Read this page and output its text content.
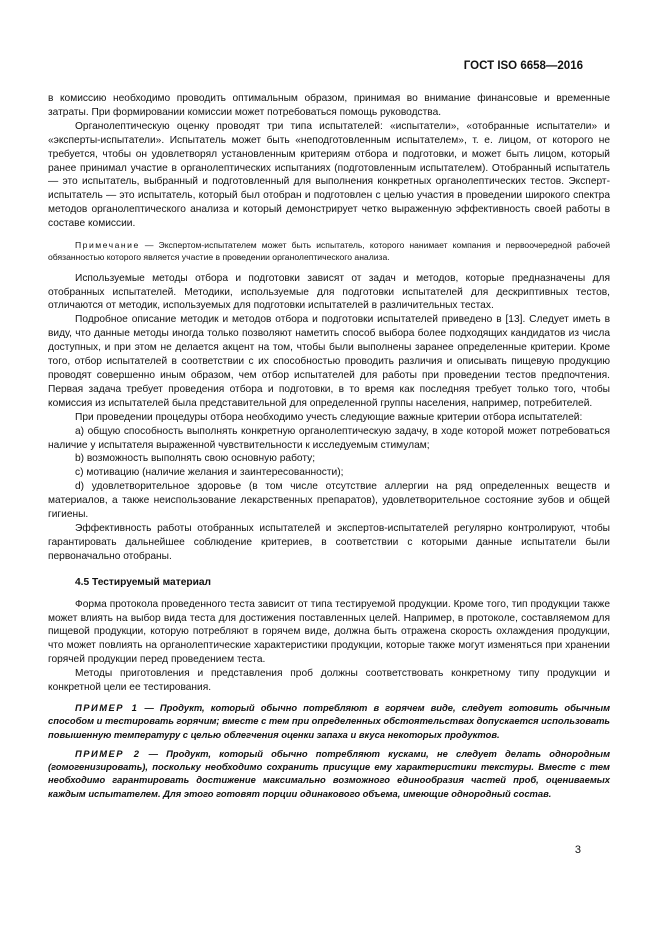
ГОСТ ISO 6658—2016

в комиссию необходимо проводить оптимальным образом, принимая во внимание финансовые и временные затраты. При формировании комиссии может потребоваться помощь руководства.

Органолептическую оценку проводят три типа испытателей: «испытатели», «отобранные испытатели» и «эксперты-испытатели». Испытатель может быть «неподготовленным испытателем», т. е. лицом, от которого не требуется, чтобы он удовлетворял установленным критериям отбора и подготовки, и может быть лицом, который ранее принимал участие в органолептических испытаниях (подготовленным испытателем). Отобранный испытатель — это испытатель, выбранный и подготовленный для выполнения конкретных органолептических тестов. Эксперт-испытатель — это испытатель, который был отобран и подготовлен с целью участия в проведении широкого спектра методов органолептического анализа и который демонстрирует четко выраженную эффективность своей работы в составе комиссии.

Примечание — Экспертом-испытателем может быть испытатель, которого нанимает компания и первоочередной рабочей обязанностью которого является участие в проведении органолептического анализа.

Используемые методы отбора и подготовки зависят от задач и методов, которые предназначены для отобранных испытателей. Методики, используемые для подготовки испытателей для дескриптивных тестов, отличаются от методик, используемых для подготовки испытателей в различительных тестах.

Подробное описание методик и методов отбора и подготовки испытателей приведено в [13]. Следует иметь в виду, что данные методы иногда только позволяют наметить способ выбора более подходящих кандидатов из числа доступных, и при этом не делается акцент на том, чтобы были выполнены заранее определенные критерии. Кроме того, отбор испытателей в соответствии с их способностью проводить различия и описывать пищевую продукцию проводят совершенно иным образом, чем отбор испытателей для работы при проведении тестов предпочтения. Первая задача требует проведения отбора и подготовки, в то время как последняя требует только того, чтобы комиссия из испытателей была представительной для определенной группы населения, например, потребителей.

При проведении процедуры отбора необходимо учесть следующие важные критерии отбора испытателей:

a) общую способность выполнять конкретную органолептическую задачу, в ходе которой может потребоваться наличие у испытателя выраженной чувствительности к исследуемым стимулам;

b) возможность выполнять свою основную работу;

c) мотивацию (наличие желания и заинтересованности);

d) удовлетворительное здоровье (в том числе отсутствие аллергии на ряд определенных веществ и материалов, а также неиспользование лекарственных препаратов), удовлетворительное состояние зубов и общей гигиены.

Эффективность работы отобранных испытателей и экспертов-испытателей регулярно контролируют, чтобы гарантировать дальнейшее соблюдение критериев, в соответствии с которыми данные испытатели были первоначально отобраны.

4.5 Тестируемый материал

Форма протокола проведенного теста зависит от типа тестируемой продукции. Кроме того, тип продукции также может влиять на выбор вида теста для достижения поставленных целей. Например, в протоколе, составляемом для пищевой продукции, которую потребляют в горячем виде, должна быть отражена скорость охлаждения продукции, что может повлиять на органолептические характеристики продукции, которые также могут изменяться при хранении горячей продукции перед проведением теста.

Методы приготовления и представления проб должны соответствовать конкретному типу продукции и конкретной цели ее тестирования.

ПРИМЕР 1 — Продукт, который обычно потребляют в горячем виде, следует готовить обычным способом и тестировать горячим; вместе с тем при определенных обстоятельствах допускается использовать повышенную температуру с целью облегчения оценки запаха и вкуса некоторых продуктов.

ПРИМЕР 2 — Продукт, который обычно потребляют кусками, не следует делать однородным (гомогенизировать), поскольку необходимо сохранить присущие ему характеристики текстуры. Вместе с тем необходимо гарантировать достижение максимально возможного единообразия частей проб, оцениваемых каждым испытателем. Для этого готовят порции одинакового объема, имеющие однородный состав.

3
